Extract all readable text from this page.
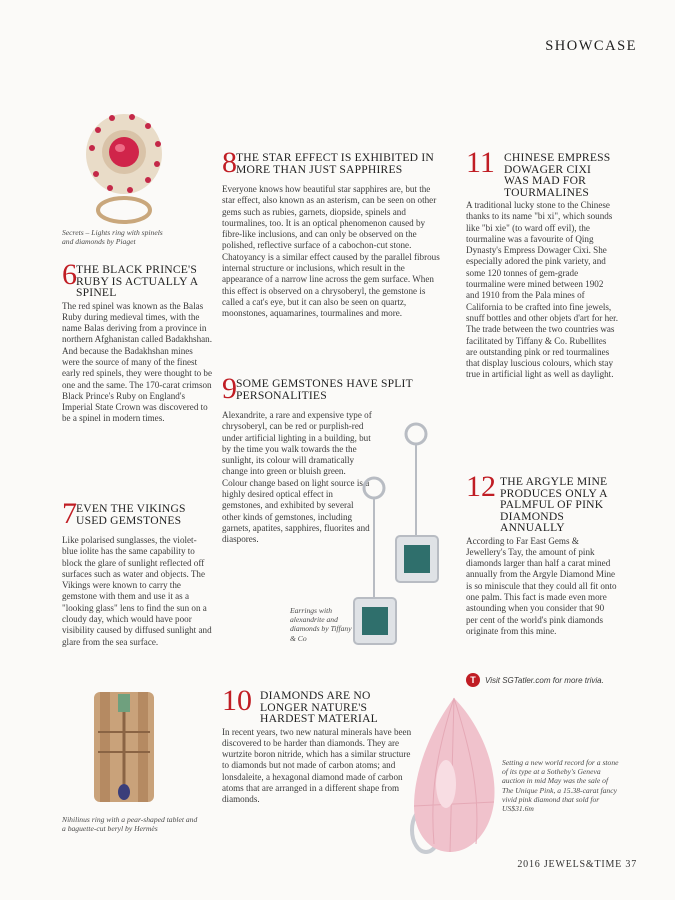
SHOWCASE
Secrets – Lights ring with spinels and diamonds by Piaget
6 THE BLACK PRINCE'S RUBY IS ACTUALLY A SPINEL
The red spinel was known as the Balas Ruby during medieval times, with the name Balas deriving from a province in northern Afghanistan called Badakhshan. And because the Badakhshan mines were the source of many of the finest early red spinels, they were thought to be one and the same. The 170-carat crimson Black Prince's Ruby on England's Imperial State Crown was discovered to be a spinel in modern times.
7 EVEN THE VIKINGS USED GEMSTONES
Like polarised sunglasses, the violet-blue iolite has the same capability to block the glare of sunlight reflected off surfaces such as water and objects. The Vikings were known to carry the gemstone with them and use it as a "looking glass" lens to find the sun on a cloudy day, which would have poor visibility caused by diffused sunlight and glare from the sea surface.
Nihilinus ring with a pear-shaped tablet and a baguette-cut beryl by Hermès
8 THE STAR EFFECT IS EXHIBITED IN MORE THAN JUST SAPPHIRES
Everyone knows how beautiful star sapphires are, but the star effect, also known as an asterism, can be seen on other gems such as rubies, garnets, diopside, spinels and tourmalines, too. It is an optical phenomenon caused by fibre-like inclusions, and can only be observed on the polished, reflective surface of a cabochon-cut stone. Chatoyancy is a similar effect caused by the parallel fibrous internal structure or inclusions, which result in the appearance of a narrow line across the gem surface. When this effect is observed on a chrysoberyl, the gemstone is called a cat's eye, but it can also be seen on quartz, moonstones, aquamarines, tourmalines and more.
9 SOME GEMSTONES HAVE SPLIT PERSONALITIES
Alexandrite, a rare and expensive type of chrysoberyl, can be red or purplish-red under artificial lighting in a building, but by the time you walk towards the the sunlight, its colour will dramatically change into green or bluish green. Colour change based on light source is a highly desired optical effect in gemstones, and exhibited by several other kinds of gemstones, including garnets, apatites, sapphires, fluorites and diaspores.
Earrings with alexandrite and diamonds by Tiffany & Co
10 DIAMONDS ARE NO LONGER NATURE'S HARDEST MATERIAL
In recent years, two new natural minerals have been discovered to be harder than diamonds. They are wurtzite boron nitride, which has a similar structure to diamonds but not made of carbon atoms; and lonsdaleite, a hexagonal diamond made of carbon atoms that are arranged in a different shape from diamonds.
11 CHINESE EMPRESS DOWAGER CIXI WAS MAD FOR TOURMALINES
A traditional lucky stone to the Chinese thanks to its name "bi xi", which sounds like "bi xie" (to ward off evil), the tourmaline was a favourite of Qing Dynasty's Empress Dowager Cixi. She especially adored the pink variety, and some 120 tonnes of gem-grade tourmaline were mined between 1902 and 1910 from the Pala mines of California to be crafted into fine jewels, snuff bottles and other objets d'art for her. The trade between the two countries was facilitated by Tiffany & Co. Rubellites are outstanding pink or red tourmalines that display luscious colours, which stay true in artificial light as well as daylight.
12 THE ARGYLE MINE PRODUCES ONLY A PALMFUL OF PINK DIAMONDS ANNUALLY
According to Far East Gems & Jewellery's Tay, the amount of pink diamonds larger than half a carat mined annually from the Argyle Diamond Mine is so miniscule that they could all fit onto one palm. This fact is made even more astounding when you consider that 90 per cent of the world's pink diamonds originate from this mine.
T	Visit SGTatler.com for more trivia.
Setting a new world record for a stone of its type at a Sotheby's Geneva auction in mid May was the sale of The Unique Pink, a 15.38-carat fancy vivid pink diamond that sold for US$31.6m
2016 JEWELS&TIME 37
